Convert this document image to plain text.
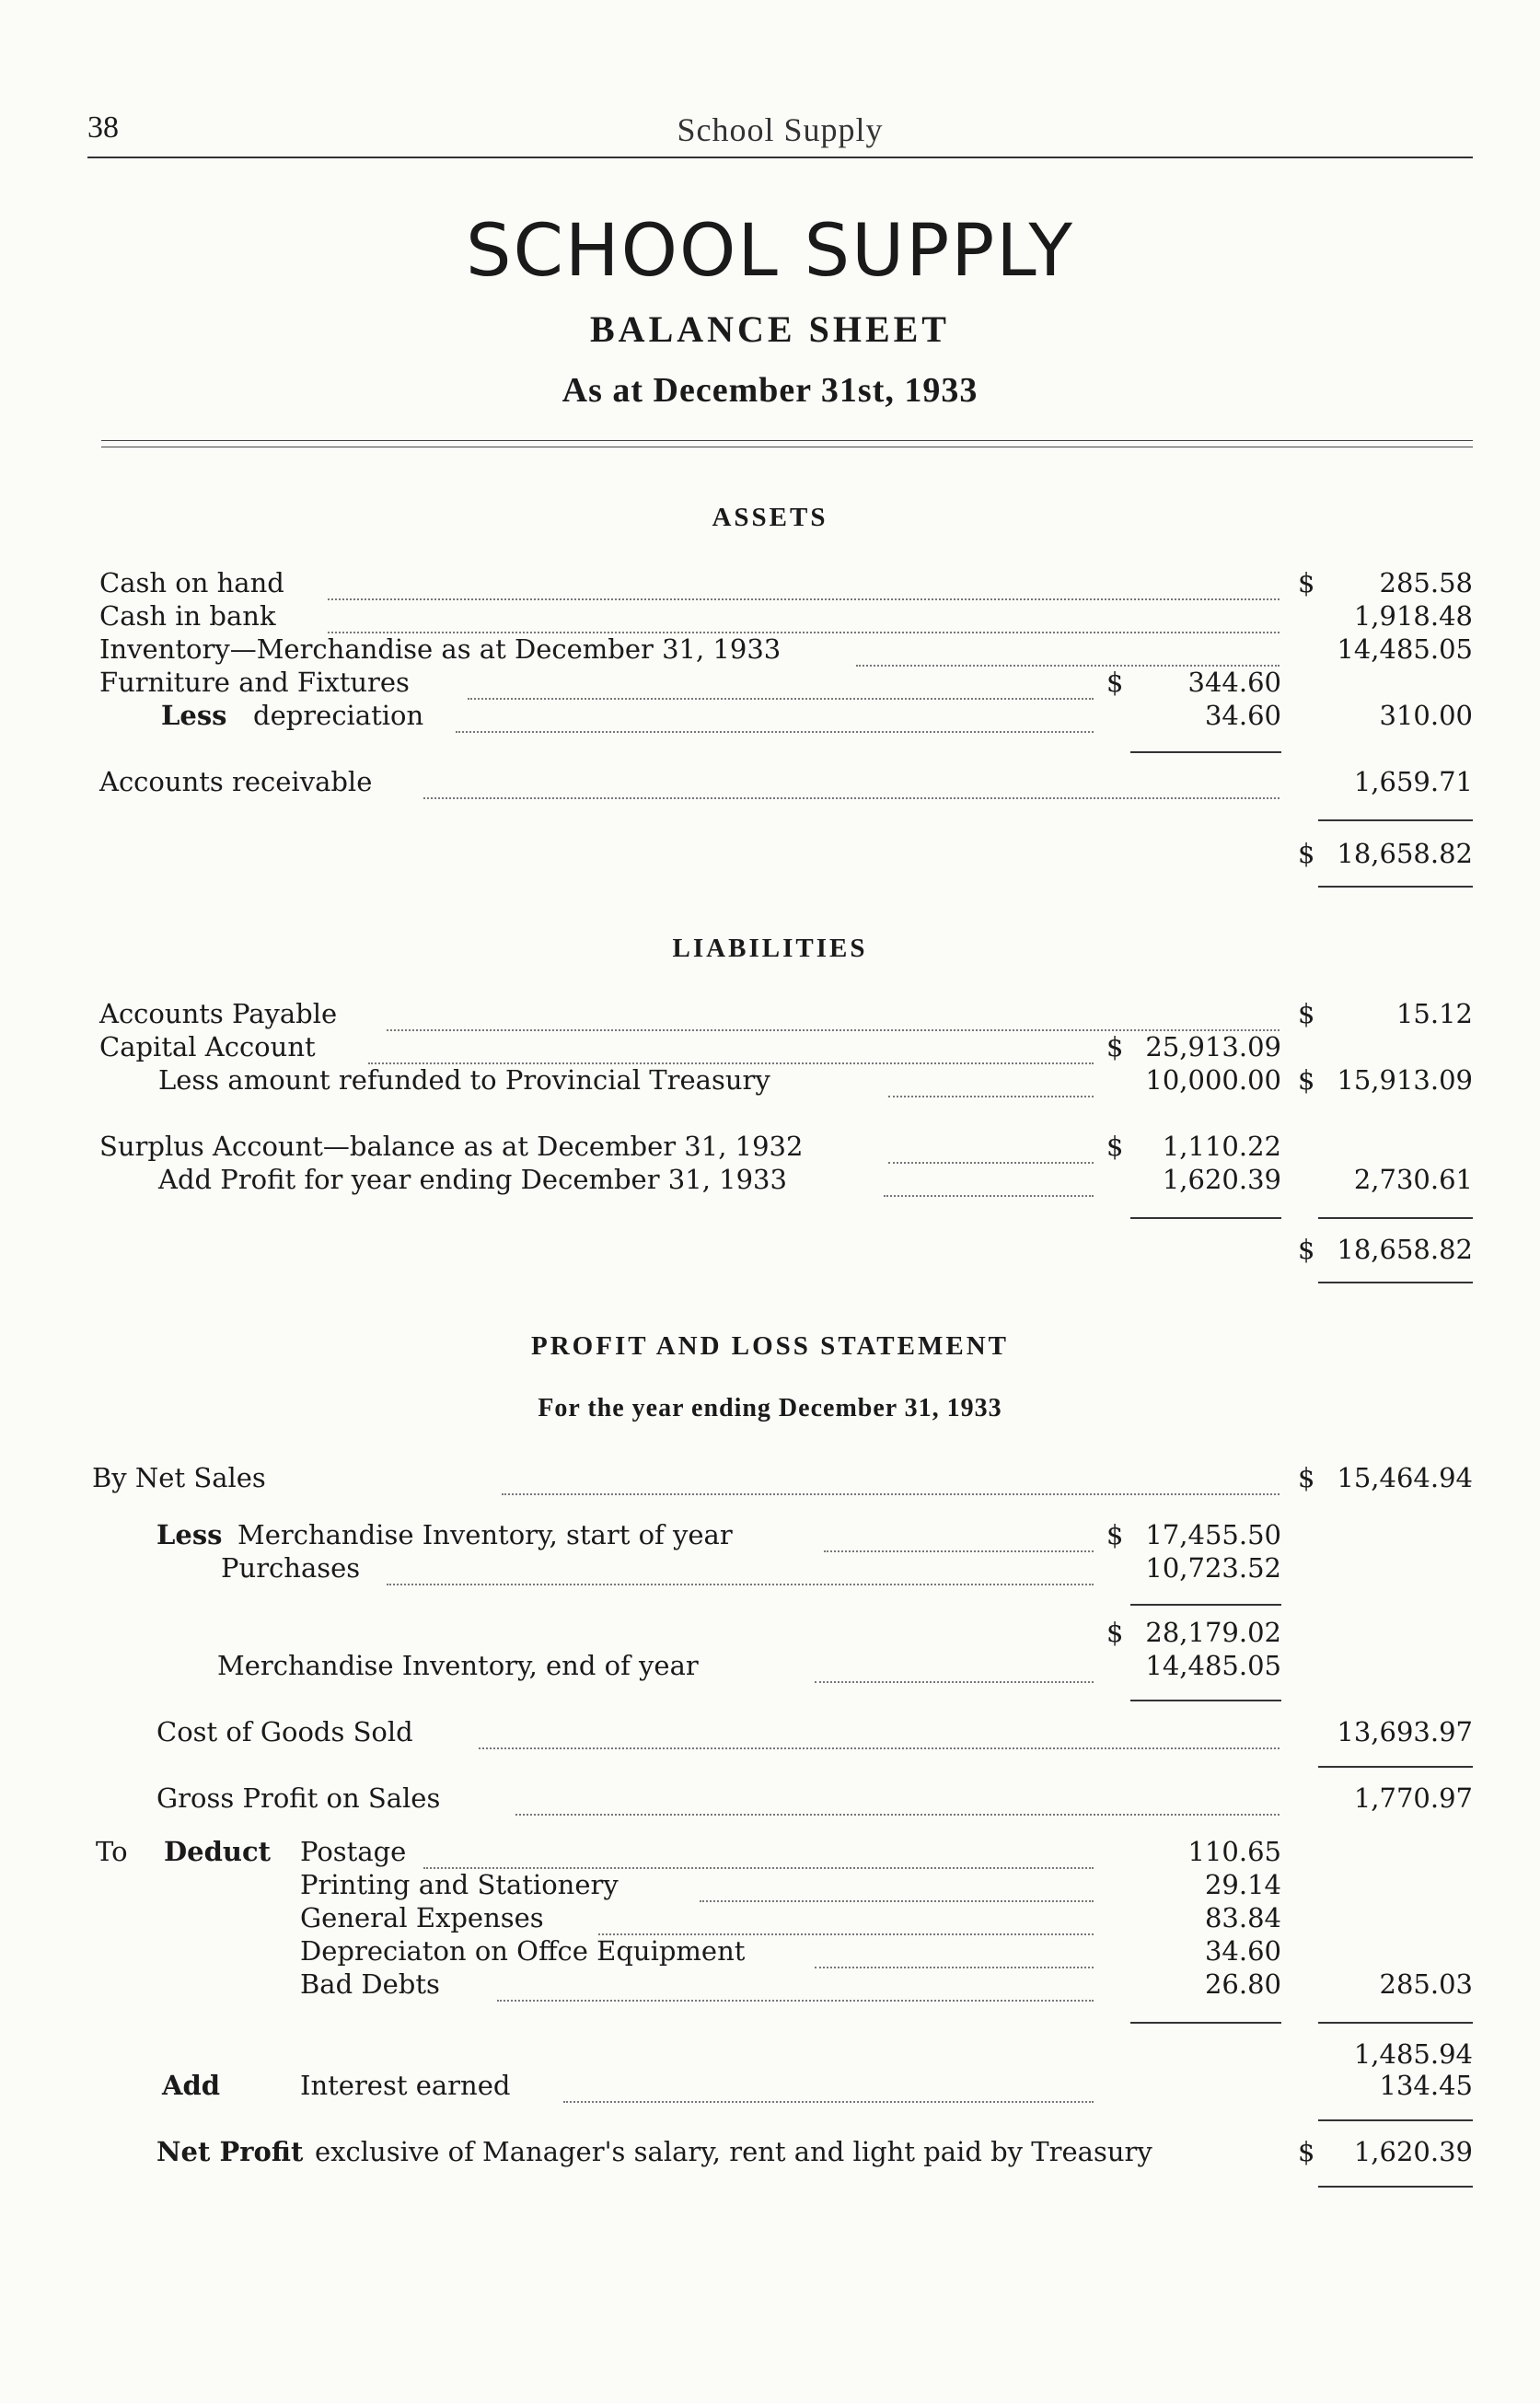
38	School Supply
SCHOOL SUPPLY
BALANCE SHEET
As at December 31st, 1933
ASSETS
Cash on hand	$	285.58
Cash in bank	1,918.48
Inventory—Merchandise as at December 31, 1933	14,485.05
Furniture and Fixtures	$	344.60
Less depreciation	34.60	310.00
Accounts receivable	1,659.71
$ 18,658.82
LIABILITIES
Accounts Payable	$	15.12
Capital Account	$ 25,913.09
Less amount refunded to Provincial Treasury	10,000.00 $ 15,913.09
Surplus Account—balance as at December 31, 1932	$	1,110.22
Add Profit for year ending December 31, 1933	1,620.39	2,730.61
$ 18,658.82
PROFIT AND LOSS STATEMENT
For the year ending December 31, 1933
By Net Sales	$ 15,464.94
Less Merchandise Inventory, start of year	$ 17,455.50
Purchases	10,723.52
$ 28,179.02
Merchandise Inventory, end of year	14,485.05
Cost of Goods Sold	13,693.97
Gross Profit on Sales	1,770.97
To Deduct Postage	110.65
Printing and Stationery	29.14
General Expenses	83.84
Depreciaton on Offce Equipment	34.60
Bad Debts	26.80	285.03
1,485.94
Add	Interest earned	134.45
Net Profit exclusive of Manager's salary, rent and light paid by Treasury	$	1,620.39
